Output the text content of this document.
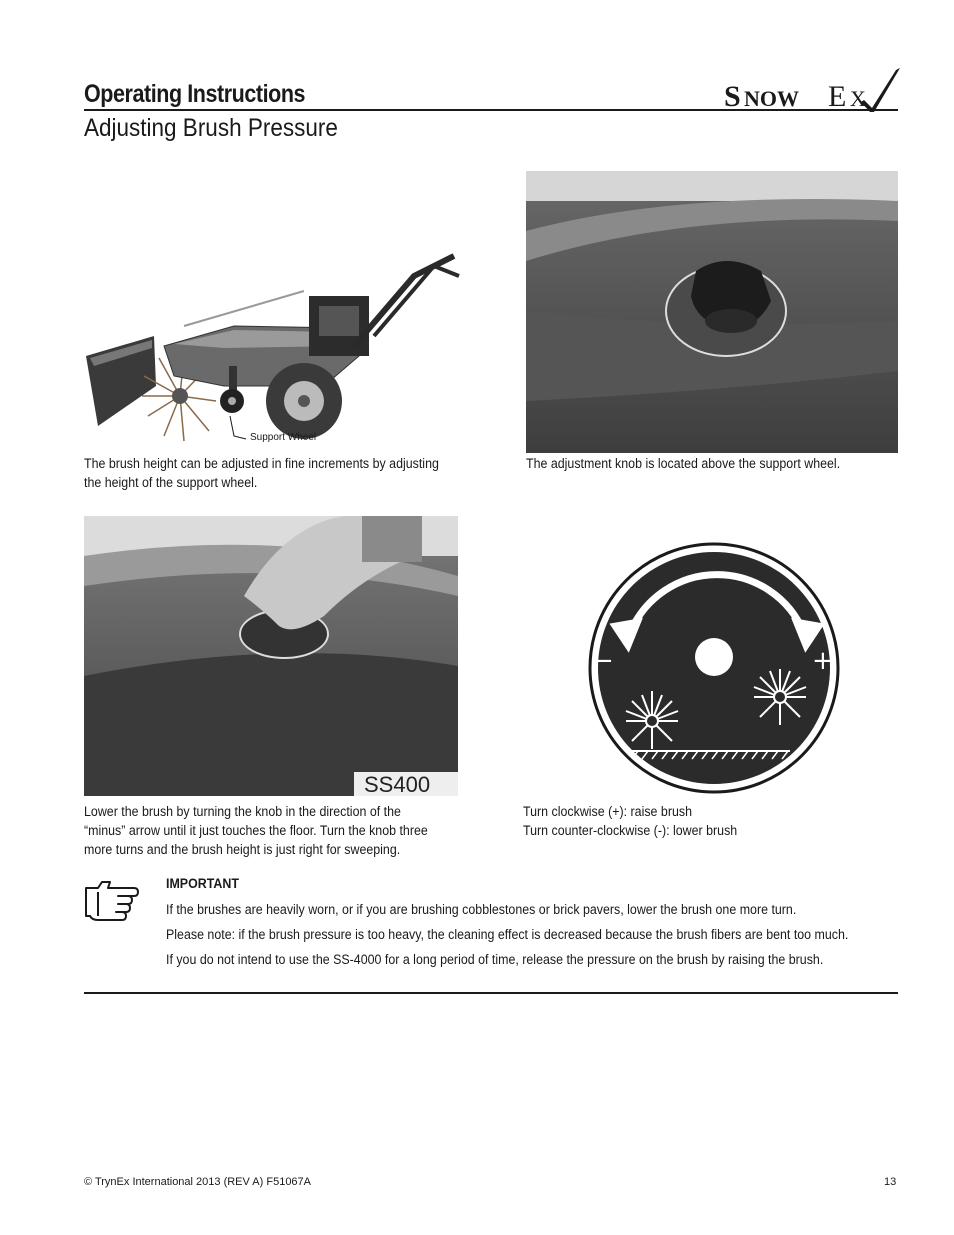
Operating Instructions
Adjusting Brush Pressure
S NOW E X
Support Wheel
The brush height can be adjusted in fine increments by adjusting
the height of the support wheel.
The adjustment knob is located above the support wheel.
SS400
Lower the brush by turning the knob in the direction of the
“minus” arrow until it just touches the floor. Turn the knob three
more turns and the brush height is just right for sweeping.
−	+
Turn clockwise (+): raise brush
Turn counter-clockwise (-): lower brush
IMPORTANT
If the brushes are heavily worn, or if you are brushing cobblestones or brick pavers, lower the brush one more turn.
Please note: if the brush pressure is too heavy, the cleaning effect is decreased because the brush fibers are bent too much.
If you do not intend to use the SS-4000 for a long period of time, release the pressure on the brush by raising the brush.
© TrynEx International 2013 (REV A) F51067A	13
